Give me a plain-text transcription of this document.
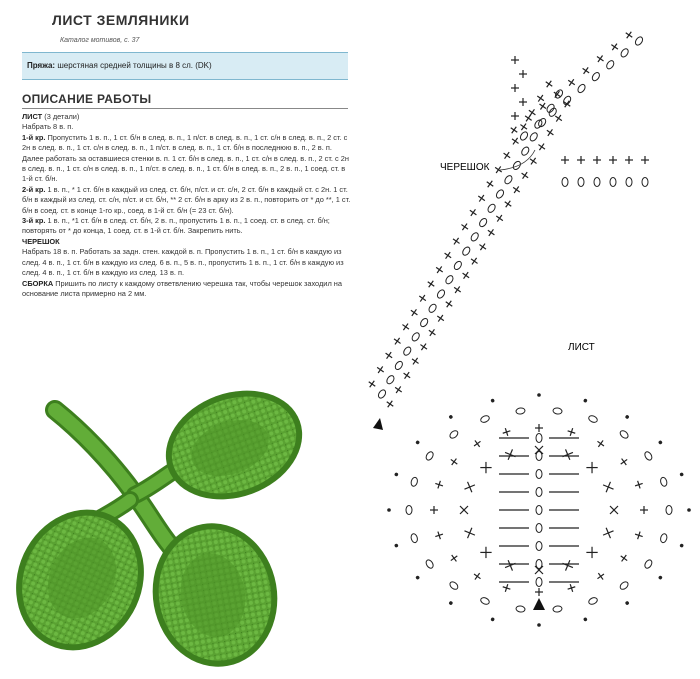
ЛИСТ ЗЕМЛЯНИКИ
Каталог мотивов, с. 37
Пряжа: шерстяная средней толщины в 8 сл. (DK)
ОПИСАНИЕ РАБОТЫ

ЛИСТ (3 детали)

Набрать 8 в. п.

1-й кр. Пропустить 1 в. п., 1 ст. б/н в след. в. п., 1 п/ст. в след. в. п., 1 ст. с/н в след. в. п., 2 ст. с 2н в след. в. п., 1 ст. с/н в след. в. п., 1 п/ст. в след. в. п., 1 ст. б/н в последнюю в. п., 2 в. п. Далее работать за оставшиеся стенки в. п. 1 ст. б/н в след. в. п., 1 ст. с/н в след. в. п., 2 ст. с 2н в след. в. п., 1 ст. с/н в след. в. п., 1 п/ст. в след. в. п., 1 ст. б/н в след. в. п., 2 в. п., 1 соед. ст. в 1-й ст. б/н.

2-й кр. 1 в. п., * 1 ст. б/н в каждый из след. ст. б/н, п/ст. и ст. с/н, 2 ст. б/н в каждый ст. с 2н. 1 ст. б/н в каждый из след. ст. с/н, п/ст. и ст. б/н, ** 2 ст. б/н в арку из 2 в. п., повторить от * до **, 1 ст. б/н в соед. ст. в конце 1-го кр., соед. в 1-й ст. б/н (= 23 ст. б/н).

3-й кр. 1 в. п., *1 ст. б/н в след. ст. б/н, 2 в. п., пропустить 1 в. п., 1 соед. ст. в след. ст. б/н; повторять от * до конца, 1 соед. ст. в 1-й ст. б/н. Закрепить нить.

ЧЕРЕШОК

Набрать 18 в. п. Работать за задн. стен. каждой в. п. Пропустить 1 в. п., 1 ст. б/н в каждую из след. 4 в. п., 1 ст. б/н в каждую из след. 6 в. п., 5 в. п., пропустить 1 в. п., 1 ст. б/н в каждую из след. 4 в. п., 1 ст. б/н в каждую из след. 13 в. п.

СБОРКА Пришить по листу к каждому ответвлению черешка так, чтобы черешок заходил на основание листа примерно на 2 мм.

ЧЕРЕШОК
ЛИСТ
